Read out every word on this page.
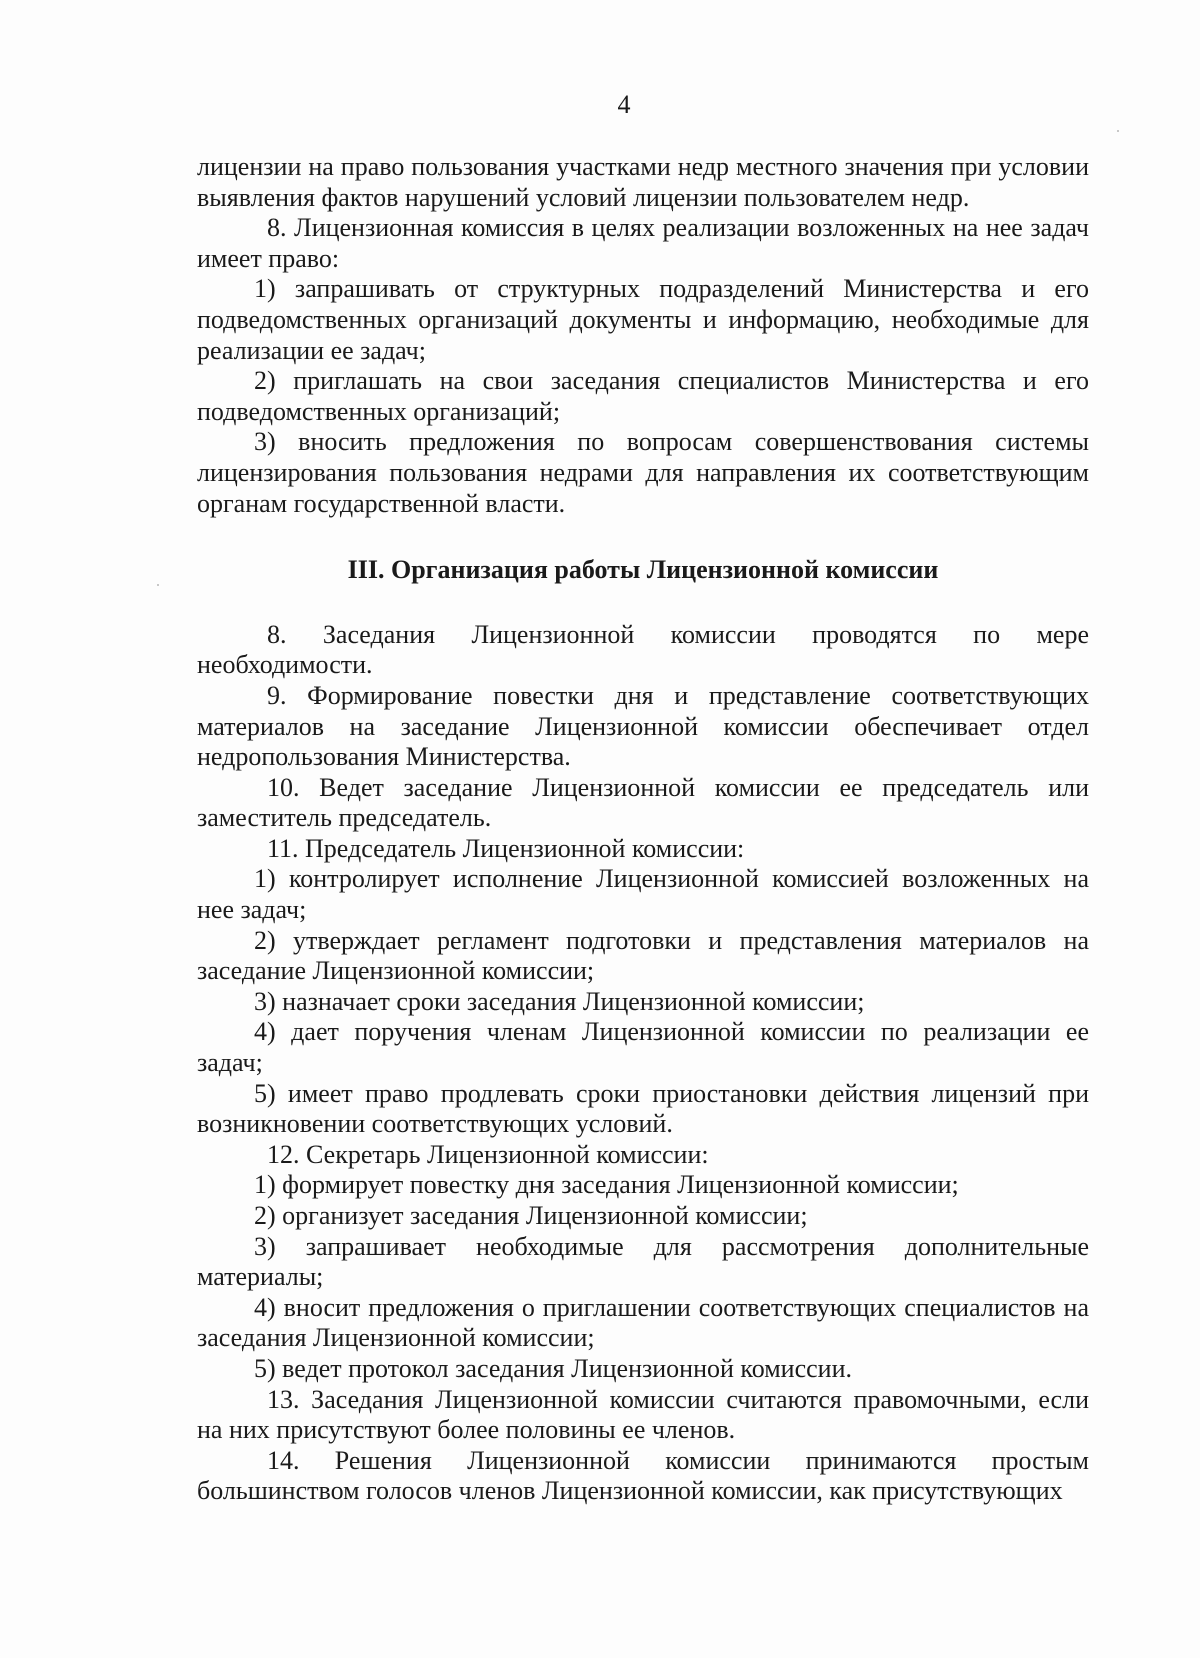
4

лицензии на право пользования участками недр местного значения при условии выявления фактов нарушений условий лицензии пользователем недр.

8. Лицензионная комиссия в целях реализации возложенных на нее задач имеет право:

1) запрашивать от структурных подразделений Министерства и его подведомственных организаций документы и информацию, необходимые для реализации ее задач;

2) приглашать на свои заседания специалистов Министерства и его подведомственных организаций;

3) вносить предложения по вопросам совершенствования системы лицензирования пользования недрами для направления их соответствующим органам государственной власти.

III. Организация работы Лицензионной комиссии

8. Заседания Лицензионной комиссии проводятся по мере необходимости.

9. Формирование повестки дня и представление соответствующих материалов на заседание Лицензионной комиссии обеспечивает отдел недропользования Министерства.

10. Ведет заседание Лицензионной комиссии ее председатель или заместитель председатель.

11. Председатель Лицензионной комиссии:

1) контролирует исполнение Лицензионной комиссией возложенных на нее задач;

2) утверждает регламент подготовки и представления материалов на заседание Лицензионной комиссии;

3) назначает сроки заседания Лицензионной комиссии;

4) дает поручения членам Лицензионной комиссии по реализации ее задач;

5) имеет право продлевать сроки приостановки действия лицензий при возникновении соответствующих условий.

12. Секретарь Лицензионной комиссии:

1) формирует повестку дня заседания Лицензионной комиссии;

2) организует заседания Лицензионной комиссии;

3) запрашивает необходимые для рассмотрения дополнительные материалы;

4) вносит предложения о приглашении соответствующих специалистов на заседания Лицензионной комиссии;

5) ведет протокол заседания Лицензионной комиссии.

13. Заседания Лицензионной комиссии считаются правомочными, если на них присутствуют более половины ее членов.

14. Решения Лицензионной комиссии принимаются простым большинством голосов членов Лицензионной комиссии, как присутствующих
